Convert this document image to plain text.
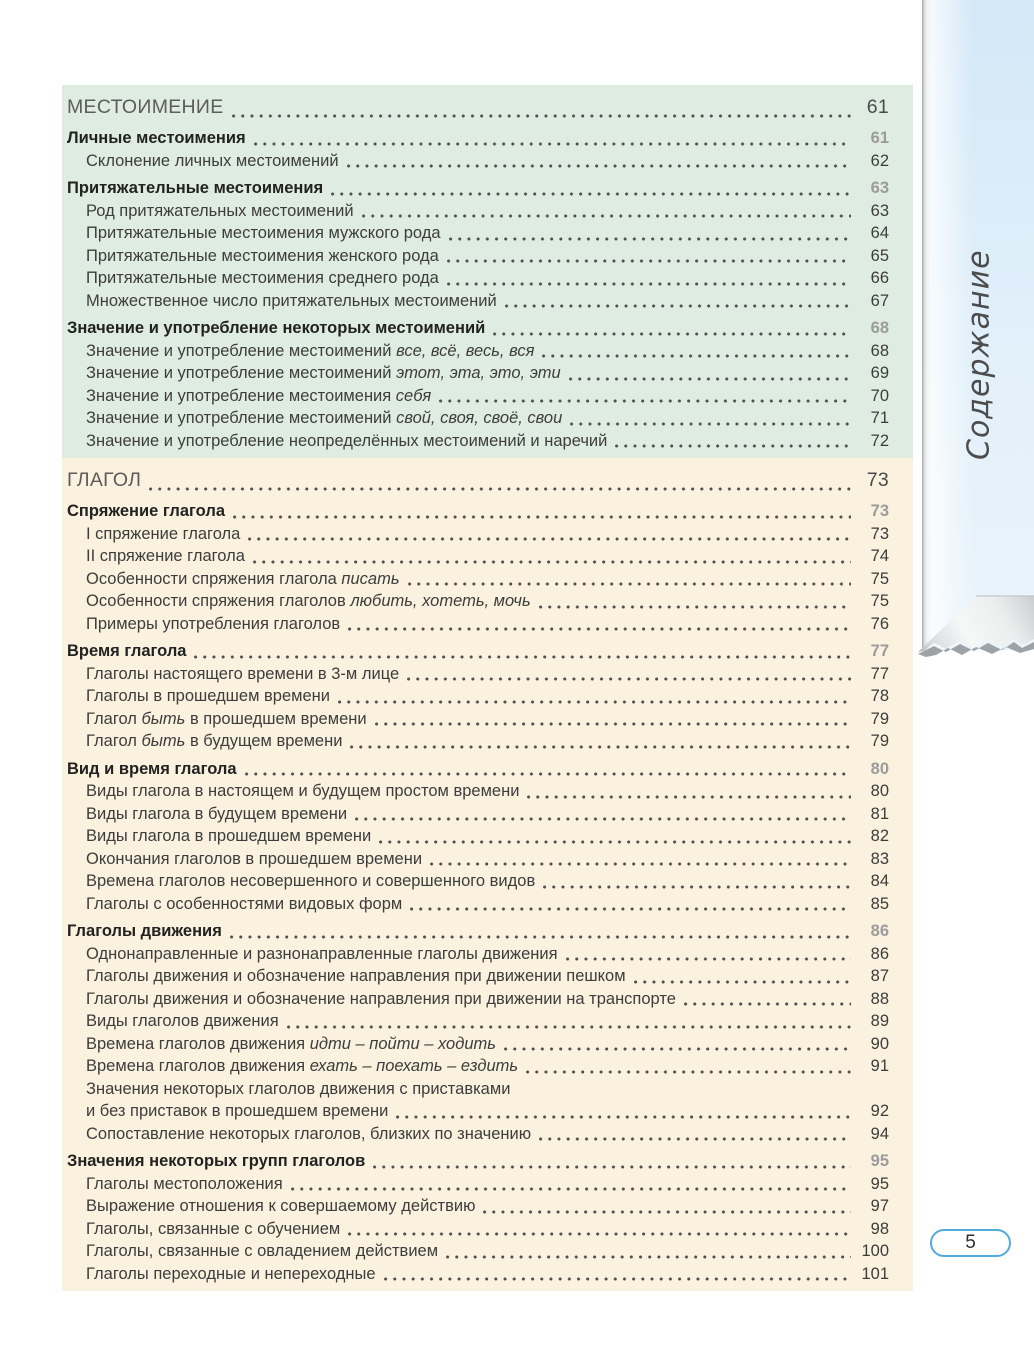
МЕСТОИМЕНИЕ	61
Личные местоимения	61
Склонение личных местоимений	62
Притяжательные местоимения	63
Род притяжательных местоимений	63
Притяжательные местоимения мужского рода	64
Притяжательные местоимения женского рода	65
Притяжательные местоимения среднего рода	66
Множественное число притяжательных местоимений	67
Значение и употребление некоторых местоимений	68
Значение и употребление местоимений все, всё, весь, вся	68
Значение и употребление местоимений этот, эта, это, эти	69
Значение и употребление местоимения себя	70
Значение и употребление местоимений свой, своя, своё, свои	71
Значение и употребление неопределённых местоимений и наречий	72
ГЛАГОЛ	73
Спряжение глагола	73
I спряжение глагола	73
II спряжение глагола	74
Особенности спряжения глагола писать	75
Особенности спряжения глаголов любить, хотеть, мочь	75
Примеры употребления глаголов	76
Время глагола	77
Глаголы настоящего времени в 3-м лице	77
Глаголы в прошедшем времени	78
Глагол быть в прошедшем времени	79
Глагол быть в будущем времени	79
Вид и время глагола	80
Виды глагола в настоящем и будущем простом времени	80
Виды глагола в будущем времени	81
Виды глагола в прошедшем времени	82
Окончания глаголов в прошедшем времени	83
Времена глаголов несовершенного и совершенного видов	84
Глаголы с особенностями видовых форм	85
Глаголы движения	86
Однонаправленные и разнонаправленные глаголы движения	86
Глаголы движения и обозначение направления при движении пешком	87
Глаголы движения и обозначение направления при движении на транспорте	88
Виды глаголов движения	89
Времена глаголов движения идти – пойти – ходить	90
Времена глаголов движения ехать – поехать – ездить	91
Значения некоторых глаголов движения с приставками
и без приставок в прошедшем времени	92
Сопоставление некоторых глаголов, близких по значению	94
Значения некоторых групп глаголов	95
Глаголы местоположения	95
Выражение отношения к совершаемому действию	97
Глаголы, связанные с обучением	98
Глаголы, связанные с овладением действием	100
Глаголы переходные и непереходные	101
Содержание
5
